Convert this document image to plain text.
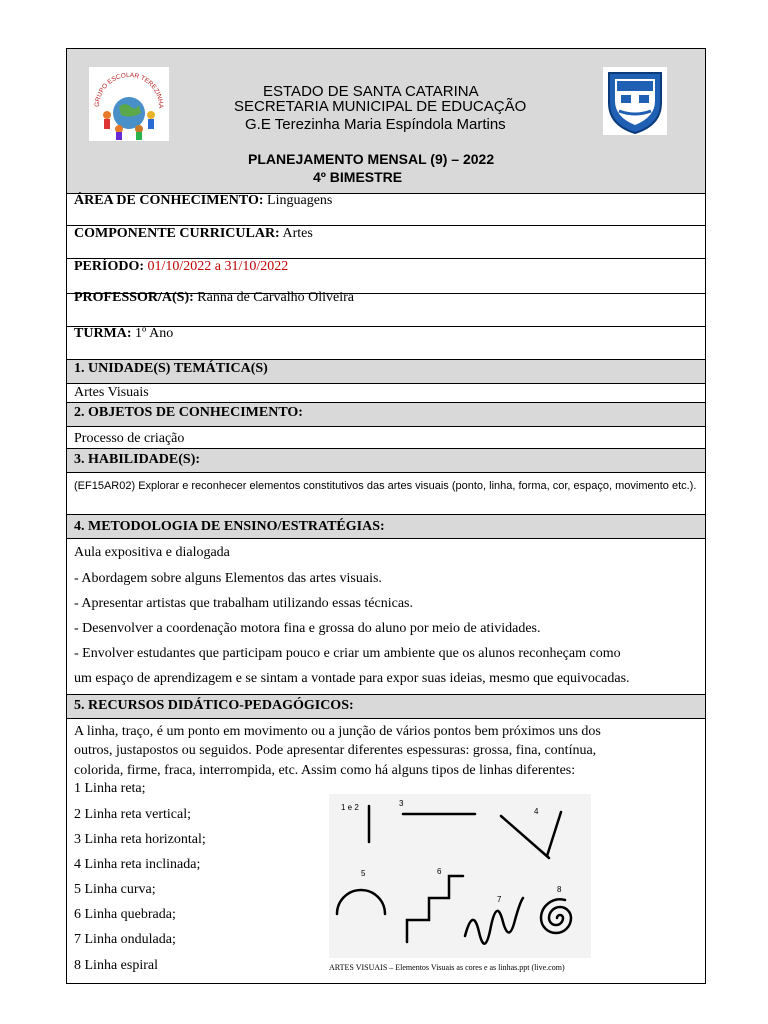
GRUPO ESCOLAR TEREZINHA
ESTADO DE SANTA CATARINA
SECRETARIA MUNICIPAL DE EDUCAÇÃO
G.E Terezinha Maria Espíndola Martins
PLANEJAMENTO MENSAL (9) – 2022
4º BIMESTRE
ÁREA DE CONHECIMENTO: Linguagens
COMPONENTE CURRICULAR: Artes
PERÍODO: 01/10/2022 a 31/10/2022
PROFESSOR/A(S): Ranna de Carvalho Oliveira
TURMA: 1º Ano
1. UNIDADE(S) TEMÁTICA(S)
Artes Visuais
2. OBJETOS DE CONHECIMENTO:
Processo de criação
3. HABILIDADE(S):
(EF15AR02) Explorar e reconhecer elementos constitutivos das artes visuais (ponto, linha, forma, cor, espaço, movimento etc.).
4. METODOLOGIA DE ENSINO/ESTRATÉGIAS:
Aula expositiva e dialogada
- Abordagem sobre alguns Elementos das artes visuais.
- Apresentar artistas que trabalham utilizando essas técnicas.
- Desenvolver a coordenação motora fina e grossa do aluno por meio de atividades.
- Envolver estudantes que participam pouco e criar um ambiente que os alunos reconheçam como
um espaço de aprendizagem e se sintam a vontade para expor suas ideias, mesmo que equivocadas.
5. RECURSOS DIDÁTICO-PEDAGÓGICOS:
A linha, traço, é um ponto em movimento ou a junção de vários pontos bem próximos uns dos
outros, justapostos ou seguidos. Pode apresentar diferentes espessuras: grossa, fina, contínua,
colorida, firme, fraca, interrompida, etc. Assim como há alguns tipos de linhas diferentes:
1 Linha reta;
2 Linha reta vertical;
3 Linha reta horizontal;
4 Linha reta inclinada;
5 Linha curva;
6 Linha quebrada;
7 Linha ondulada;
8 Linha espiral
1 e 2	3
4
5	6
7
8
ARTES VISUAIS – Elementos Visuais as cores e as linhas.ppt (live.com)
